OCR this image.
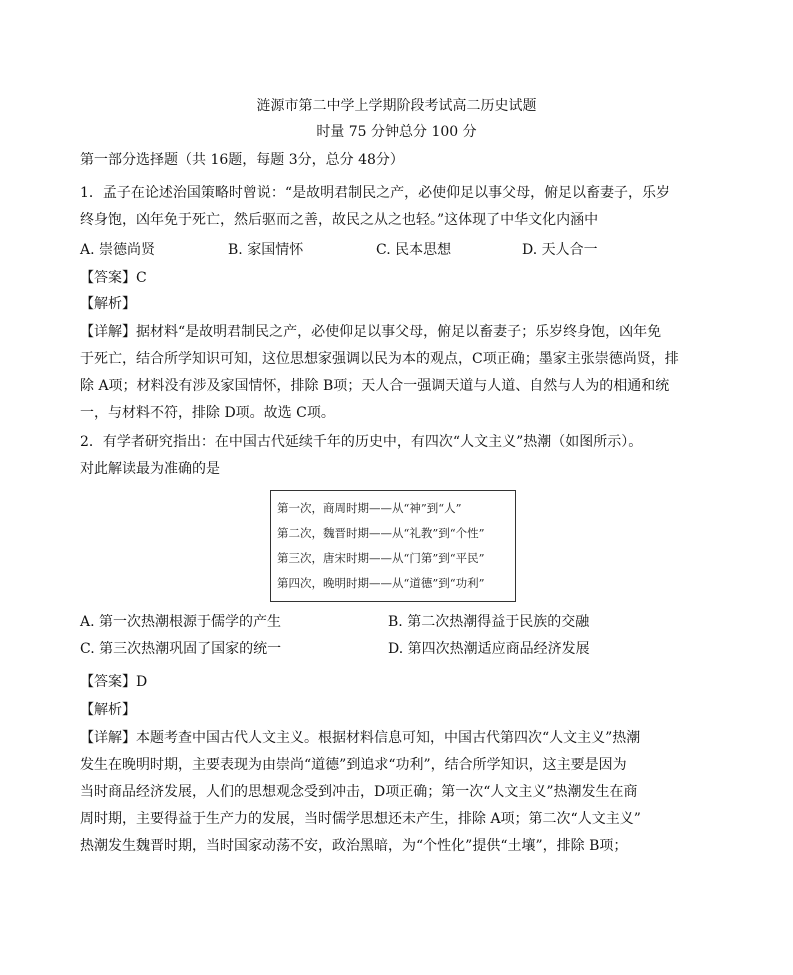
涟源市第二中学上学期阶段考试高二历史试题
时量 75 分钟总分 100 分
第一部分选择题（共 16题，每题 3分，总分 48分）
1．孟子在论述治国策略时曾说：“是故明君制民之产，必使仰足以事父母，俯足以畜妻子，乐岁
终身饱，凶年免于死亡，然后驱而之善，故民之从之也轻。”这体现了中华文化内涵中
A. 崇德尚贤	B. 家国情怀	C. 民本思想	D. 天人合一
【答案】C
【解析】
【详解】据材料“是故明君制民之产，必使仰足以事父母，俯足以畜妻子；乐岁终身饱，凶年免
于死亡，结合所学知识可知，这位思想家强调以民为本的观点，C项正确；墨家主张崇德尚贤，排
除 A项；材料没有涉及家国情怀，排除 B项；天人合一强调天道与人道、自然与人为的相通和统
一，与材料不符，排除 D项。故选 C项。
2．有学者研究指出：在中国古代延续千年的历史中，有四次“人文主义”热潮（如图所示）。
对此解读最为准确的是
第一次，商周时期——从“神”到“人”
第二次，魏晋时期——从“礼教”到“个性”
第三次，唐宋时期——从“门第”到“平民”
第四次，晚明时期——从“道德”到“功利”
A. 第一次热潮根源于儒学的产生	B. 第二次热潮得益于民族的交融
C. 第三次热潮巩固了国家的统一	D. 第四次热潮适应商品经济发展
【答案】D
【解析】
【详解】本题考查中国古代人文主义。根据材料信息可知，中国古代第四次“人文主义”热潮
发生在晚明时期，主要表现为由崇尚“道德”到追求“功利”，结合所学知识，这主要是因为
当时商品经济发展，人们的思想观念受到冲击，D项正确；第一次“人文主义”热潮发生在商
周时期，主要得益于生产力的发展，当时儒学思想还未产生，排除 A项；第二次“人文主义”
热潮发生魏晋时期，当时国家动荡不安，政治黑暗，为“个性化”提供“土壤”，排除 B项；
